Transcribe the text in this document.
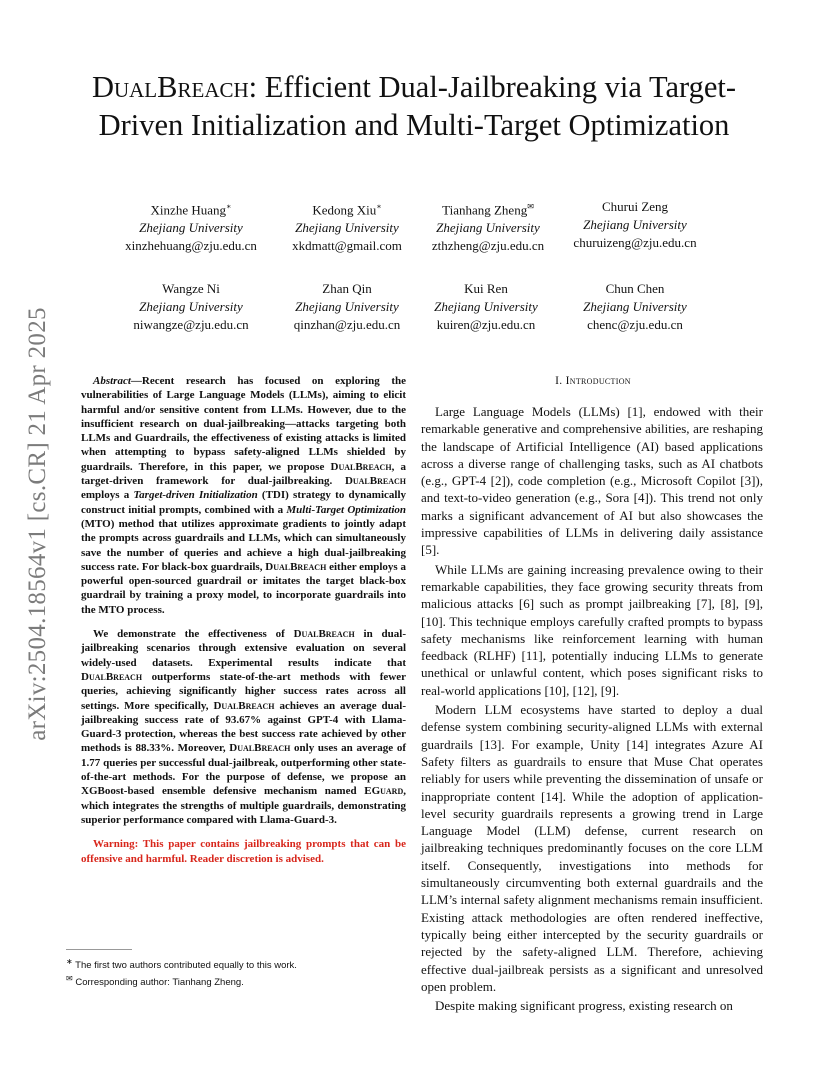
arXiv:2504.18564v1 [cs.CR] 21 Apr 2025
DualBreach: Efficient Dual-Jailbreaking via Target-Driven Initialization and Multi-Target Optimization
Xinzhe Huang∗
Zhejiang University
xinzhehuang@zju.edu.cn
Kedong Xiu∗
Zhejiang University
xkdmatt@gmail.com
Tianhang Zheng✉
Zhejiang University
zthzheng@zju.edu.cn
Churui Zeng
Zhejiang University
churuizeng@zju.edu.cn
Wangze Ni
Zhejiang University
niwangze@zju.edu.cn
Zhan Qin
Zhejiang University
qinzhan@zju.edu.cn
Kui Ren
Zhejiang University
kuiren@zju.edu.cn
Chun Chen
Zhejiang University
chenc@zju.edu.cn

Abstract—Recent research has focused on exploring the vulnerabilities of Large Language Models (LLMs), aiming to elicit harmful and/or sensitive content from LLMs. However, due to the insufficient research on dual-jailbreaking—attacks targeting both LLMs and Guardrails, the effectiveness of existing attacks is limited when attempting to bypass safety-aligned LLMs shielded by guardrails. Therefore, in this paper, we propose DualBreach, a target-driven framework for dual-jailbreaking. DualBreach employs a Target-driven Initialization (TDI) strategy to dynamically construct initial prompts, combined with a Multi-Target Optimization (MTO) method that utilizes approximate gradients to jointly adapt the prompts across guardrails and LLMs, which can simultaneously save the number of queries and achieve a high dual-jailbreaking success rate. For black-box guardrails, DualBreach either employs a powerful open-sourced guardrail or imitates the target black-box guardrail by training a proxy model, to incorporate guardrails into the MTO process.

We demonstrate the effectiveness of DualBreach in dual-jailbreaking scenarios through extensive evaluation on several widely-used datasets. Experimental results indicate that DualBreach outperforms state-of-the-art methods with fewer queries, achieving significantly higher success rates across all settings. More specifically, DualBreach achieves an average dual-jailbreaking success rate of 93.67% against GPT-4 with Llama-Guard-3 protection, whereas the best success rate achieved by other methods is 88.33%. Moreover, DualBreach only uses an average of 1.77 queries per successful dual-jailbreak, outperforming other state-of-the-art methods. For the purpose of defense, we propose an XGBoost-based ensemble defensive mechanism named EGuard, which integrates the strengths of multiple guardrails, demonstrating superior performance compared with Llama-Guard-3.

Warning: This paper contains jailbreaking prompts that can be offensive and harmful. Reader discretion is advised.

∗ The first two authors contributed equally to this work.
✉ Corresponding author: Tianhang Zheng.
I. Introduction

Large Language Models (LLMs) [1], endowed with their remarkable generative and comprehensive abilities, are reshaping the landscape of Artificial Intelligence (AI) based applications across a diverse range of challenging tasks, such as AI chatbots (e.g., GPT-4 [2]), code completion (e.g., Microsoft Copilot [3]), and text-to-video generation (e.g., Sora [4]). This trend not only marks a significant advancement of AI but also showcases the impressive capabilities of LLMs in delivering daily assistance [5].

While LLMs are gaining increasing prevalence owing to their remarkable capabilities, they face growing security threats from malicious attacks [6] such as prompt jailbreaking [7], [8], [9], [10]. This technique employs carefully crafted prompts to bypass safety mechanisms like reinforcement learning with human feedback (RLHF) [11], potentially inducing LLMs to generate unethical or unlawful content, which poses significant risks to real-world applications [10], [12], [9].

Modern LLM ecosystems have started to deploy a dual defense system combining security-aligned LLMs with external guardrails [13]. For example, Unity [14] integrates Azure AI Safety filters as guardrails to ensure that Muse Chat operates reliably for users while preventing the dissemination of unsafe or inappropriate content [14]. While the adoption of application-level security guardrails represents a growing trend in Large Language Model (LLM) defense, current research on jailbreaking techniques predominantly focuses on the core LLM itself. Consequently, investigations into methods for simultaneously circumventing both external guardrails and the LLM’s internal safety alignment mechanisms remain insufficient. Existing attack methodologies are often rendered ineffective, typically being either intercepted by the security guardrails or rejected by the safety-aligned LLM. Therefore, achieving effective dual-jailbreak persists as a significant and unresolved open problem.

Despite making significant progress, existing research on
